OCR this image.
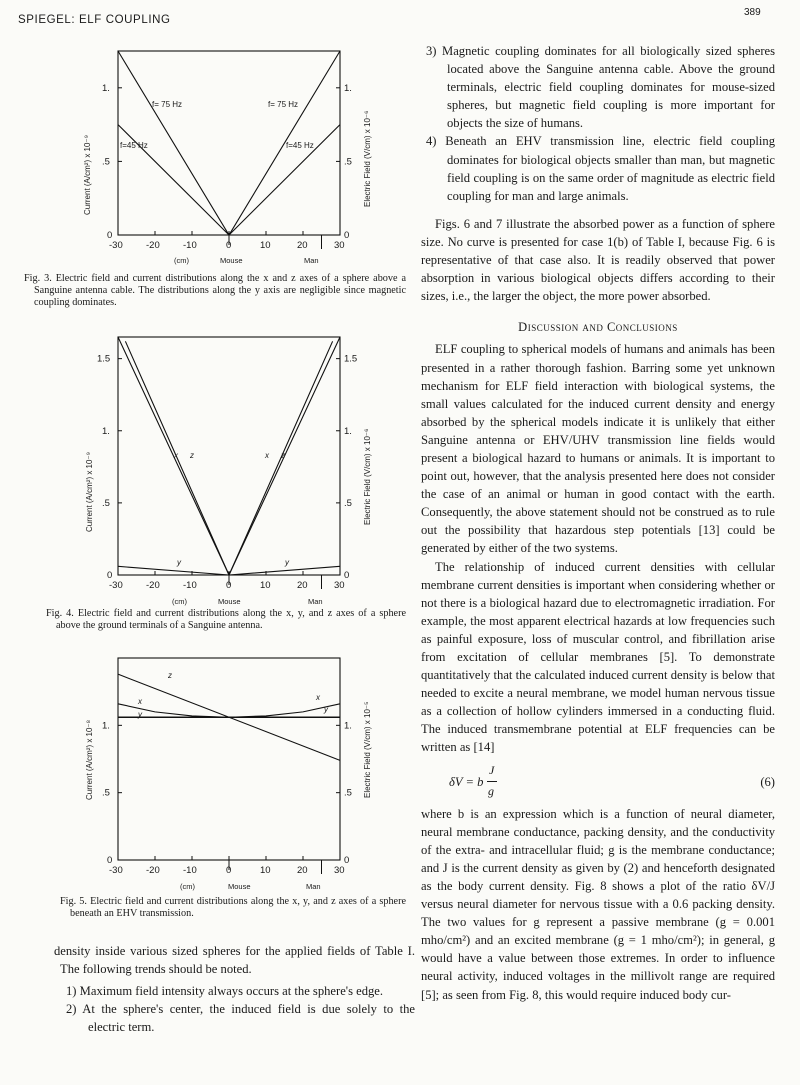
SPIEGEL: ELF COUPLING
389
-30 -20 -10	0	10	20	30
0	0
.5	.5
1.	1.
Current (A/cm²) x 10⁻⁹	Electric Field (V/cm) x 10⁻⁶
(cm)	Mouse	Man
f= 75 Hz	f= 75 Hz
f=45 Hz	f=45 Hz
Fig. 3. Electric field and current distributions along the x and z axes of a sphere above a Sanguine antenna cable. The distributions along the y axis are negligible since magnetic coupling dominates.
-30 -20 -10	0	10	20	30
0	0
.5	.5
1.	1.
1.5	1.5
Current (A/cm²) x 10⁻⁹	Electric Field (V/cm) x 10⁻⁶
(cm)	Mouse	Man
x z	x z
y	y
Fig. 4. Electric field and current distributions along the x, y, and z axes of a sphere above the ground terminals of a Sanguine antenna.
-30 -20 -10	0	10	20	30
0	0
.5	.5
1.	1.
Current (A/cm²) x 10⁻⁸	Electric Field (V/cm) x 10⁻⁵
(cm)	Mouse	Man
z
x	x
y
y
Fig. 5. Electric field and current distributions along the x, y, and z axes of a sphere beneath an EHV transmission.

density inside various sized spheres for the applied fields of Table I. The following trends should be noted.

1) Maximum field intensity always occurs at the sphere's edge.

2) At the sphere's center, the induced field is due solely to the electric term.

3) Magnetic coupling dominates for all biologically sized spheres located above the Sanguine antenna cable. Above the ground terminals, electric field coupling dominates for mouse-sized spheres, but magnetic field coupling is more important for objects the size of humans.

4) Beneath an EHV transmission line, electric field coupling dominates for biological objects smaller than man, but magnetic field coupling is on the same order of magnitude as electric field coupling for man and large animals.

Figs. 6 and 7 illustrate the absorbed power as a function of sphere size. No curve is presented for case 1(b) of Table I, because Fig. 6 is representative of that case also. It is readily observed that power absorption in various biological objects differs according to their sizes, i.e., the larger the object, the more power absorbed.

Discussion and Conclusions

ELF coupling to spherical models of humans and animals has been presented in a rather thorough fashion. Barring some yet unknown mechanism for ELF field interaction with biological systems, the small values calculated for the induced current density and energy absorbed by the spherical models indicate it is unlikely that either Sanguine antenna or EHV/UHV transmission line fields would present a biological hazard to humans or animals. It is important to point out, however, that the analysis presented here does not consider the case of an animal or human in good contact with the earth. Consequently, the above statement should not be construed as to rule out the possibility that hazardous step potentials [13] could be generated by either of the two systems.

The relationship of induced current densities with cellular membrane current densities is important when considering whether or not there is a biological hazard due to electromagnetic irradiation. For example, the most apparent electrical hazards at low frequencies such as painful exposure, loss of muscular control, and fibrillation arise from excitation of cellular membranes [5]. To demonstrate quantitatively that the calculated induced current density is below that needed to excite a neural membrane, we model human nervous tissue as a collection of hollow cylinders immersed in a conducting fluid. The induced transmembrane potential at ELF frequencies can be written as [14]

δV = b
J
g
(6)

where b is an expression which is a function of neural diameter, neural membrane conductance, packing density, and the conductivity of the extra- and intracellular fluid; g is the membrane conductance; and J is the current density as given by (2) and henceforth designated as the body current density. Fig. 8 shows a plot of the ratio δV/J versus neural diameter for nervous tissue with a 0.6 packing density. The two values for g represent a passive membrane (g = 0.001 mho/cm²) and an excited membrane (g = 1 mho/cm²); in general, g would have a value between those extremes. In order to influence neural activity, induced voltages in the millivolt range are required [5]; as seen from Fig. 8, this would require induced body cur-
